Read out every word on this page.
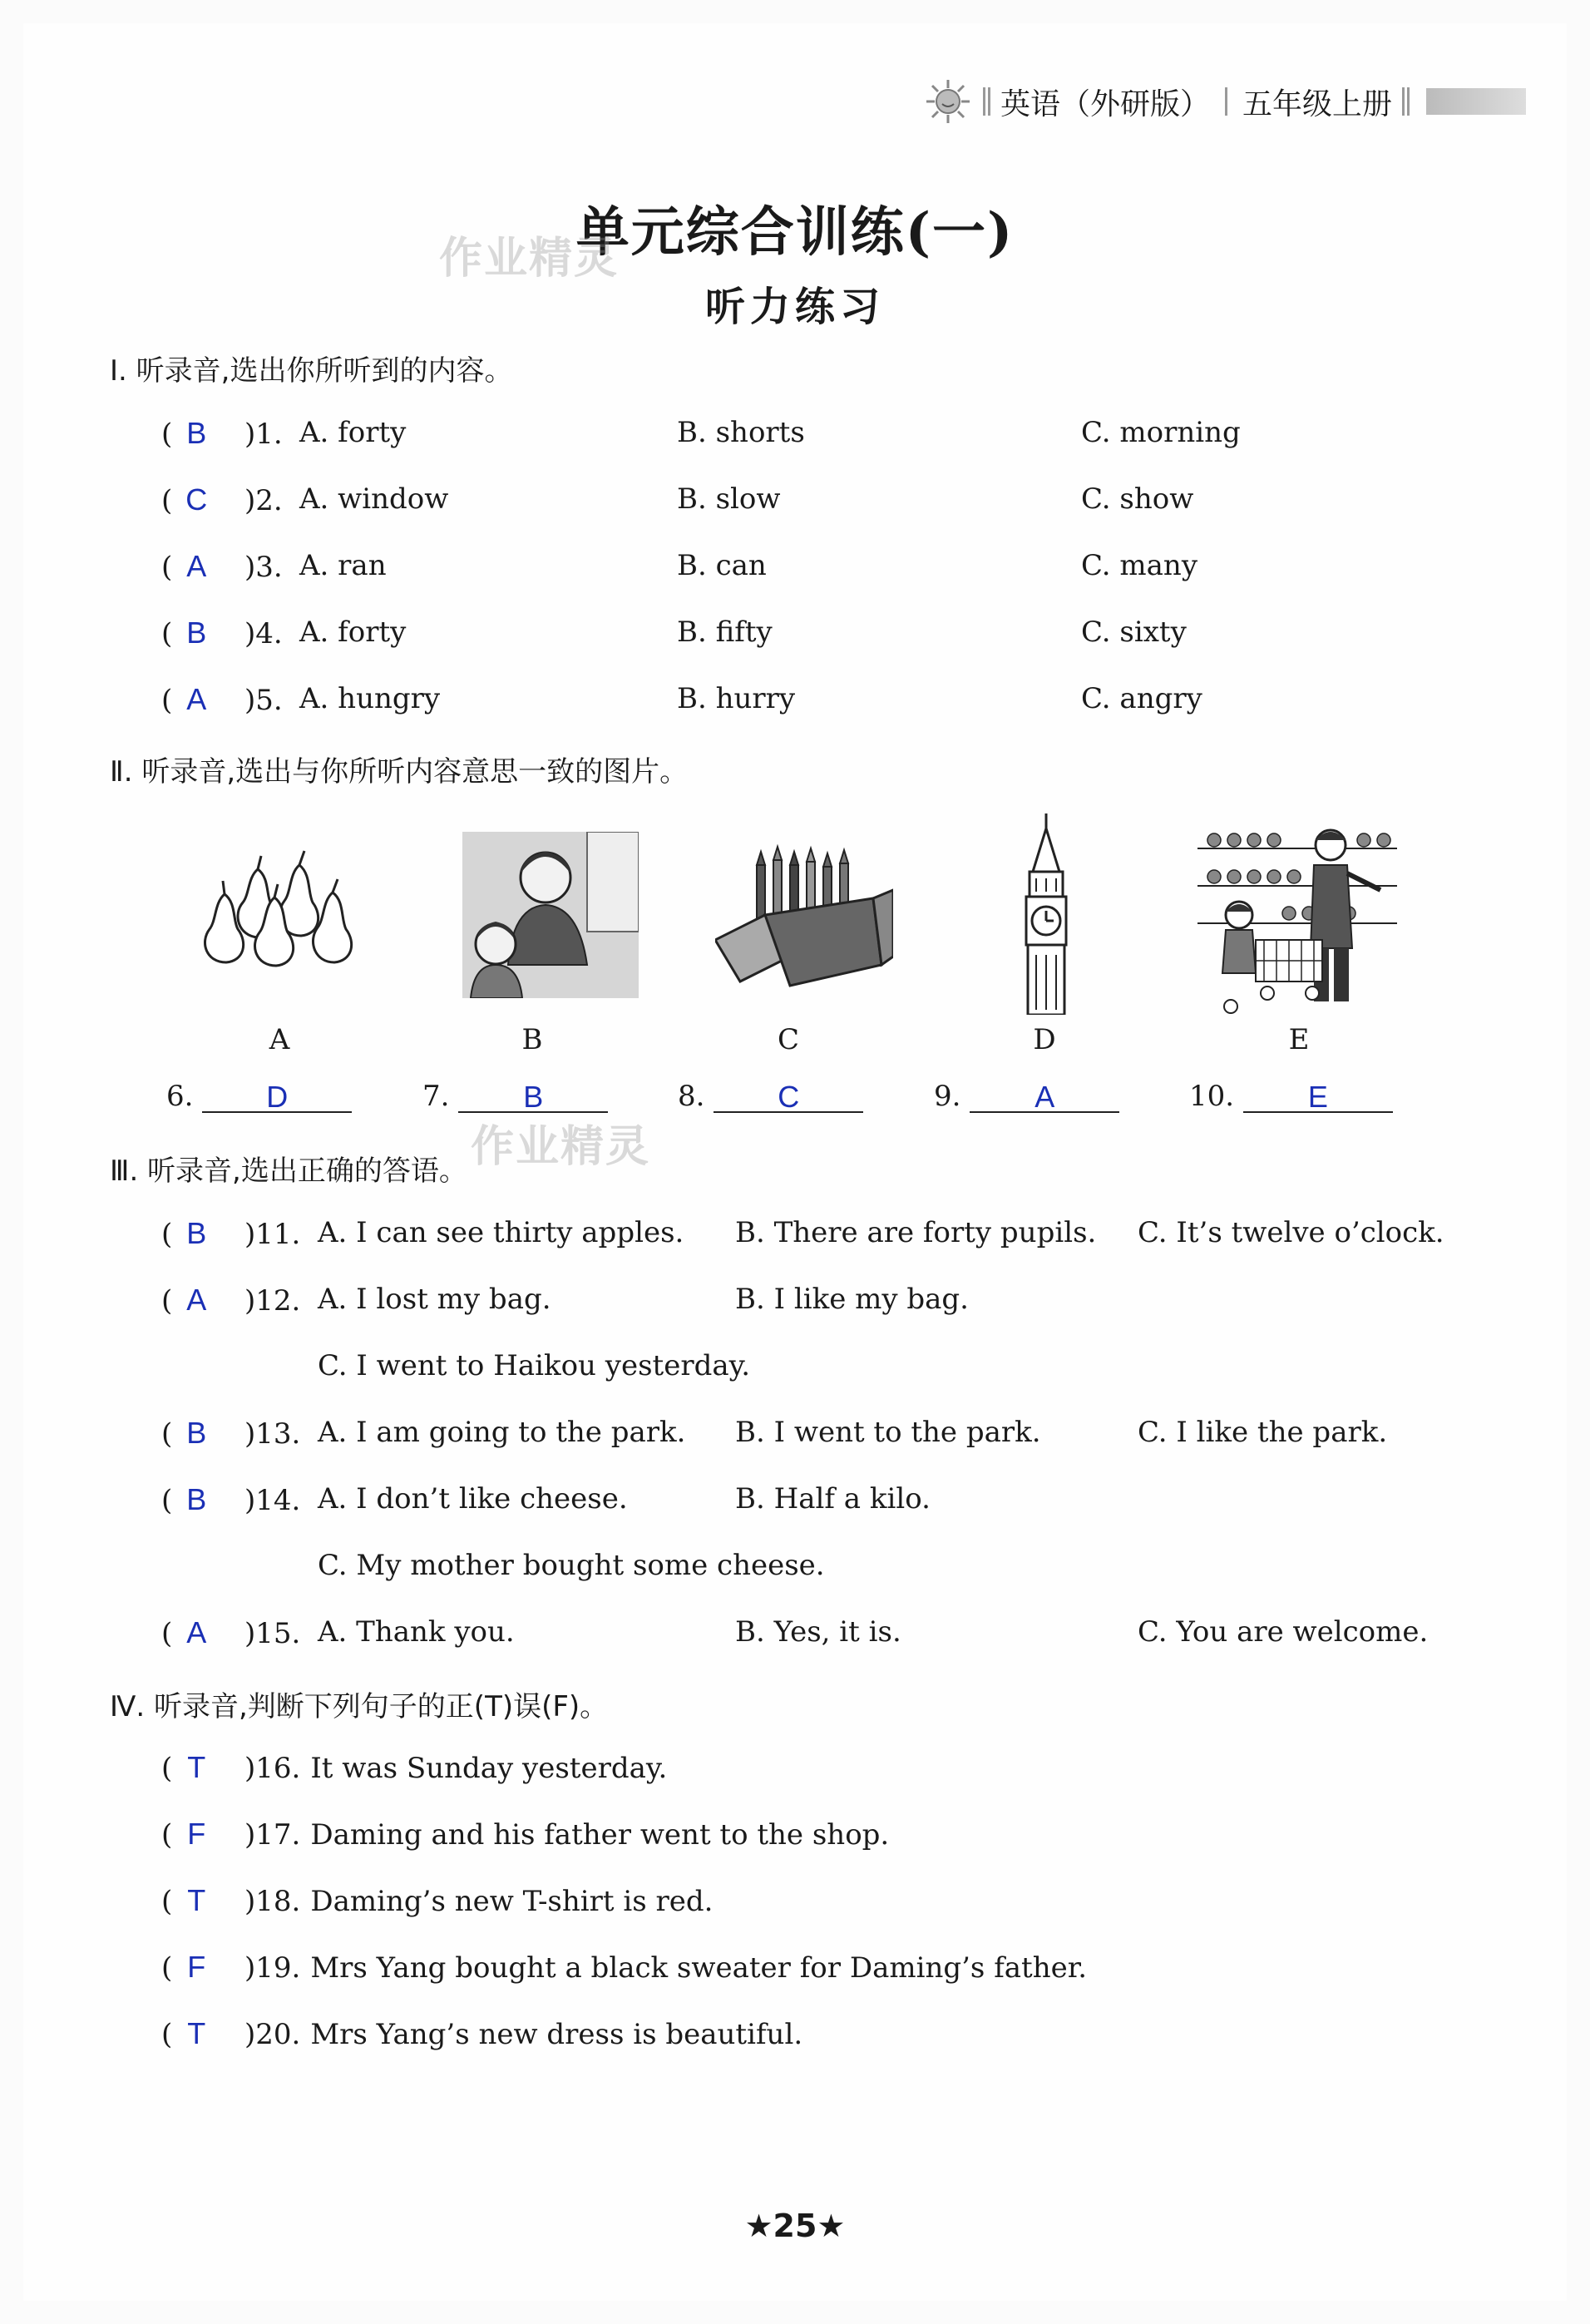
英语（外研版） 五年级上册
单元综合训练(一)
作业精灵
听力练习
Ⅰ. 听录音,选出你所听到的内容。
( B )1. A. forty	B. shorts	C. morning
( C )2. A. window	B. slow	C. show
( A )3. A. ran	B. can	C. many
( B )4. A. forty	B. fifty	C. sixty
( A )5. A. hungry	B. hurry	C. angry
Ⅱ. 听录音,选出与你所听内容意思一致的图片。
A	B	C	D	E
6. D	7. B	8. C	9. A	10. E
作业精灵
Ⅲ. 听录音,选出正确的答语。
( B )11. A. I can see thirty apples. B. There are forty pupils. C. It’s twelve o’clock.
( A )12. A. I lost my bag.	B. I like my bag.
C. I went to Haikou yesterday.
( B )13. A. I am going to the park. B. I went to the park.	C. I like the park.
( B )14. A. I don’t like cheese.	B. Half a kilo.
C. My mother bought some cheese.
( A )15. A. Thank you.	B. Yes, it is.	C. You are welcome.
Ⅳ. 听录音,判断下列句子的正(T)误(F)。
( T )16. It was Sunday yesterday.
( F )17. Daming and his father went to the shop.
( T )18. Daming’s new T-shirt is red.
( F )19. Mrs Yang bought a black sweater for Daming’s father.
( T )20. Mrs Yang’s new dress is beautiful.
★25★
